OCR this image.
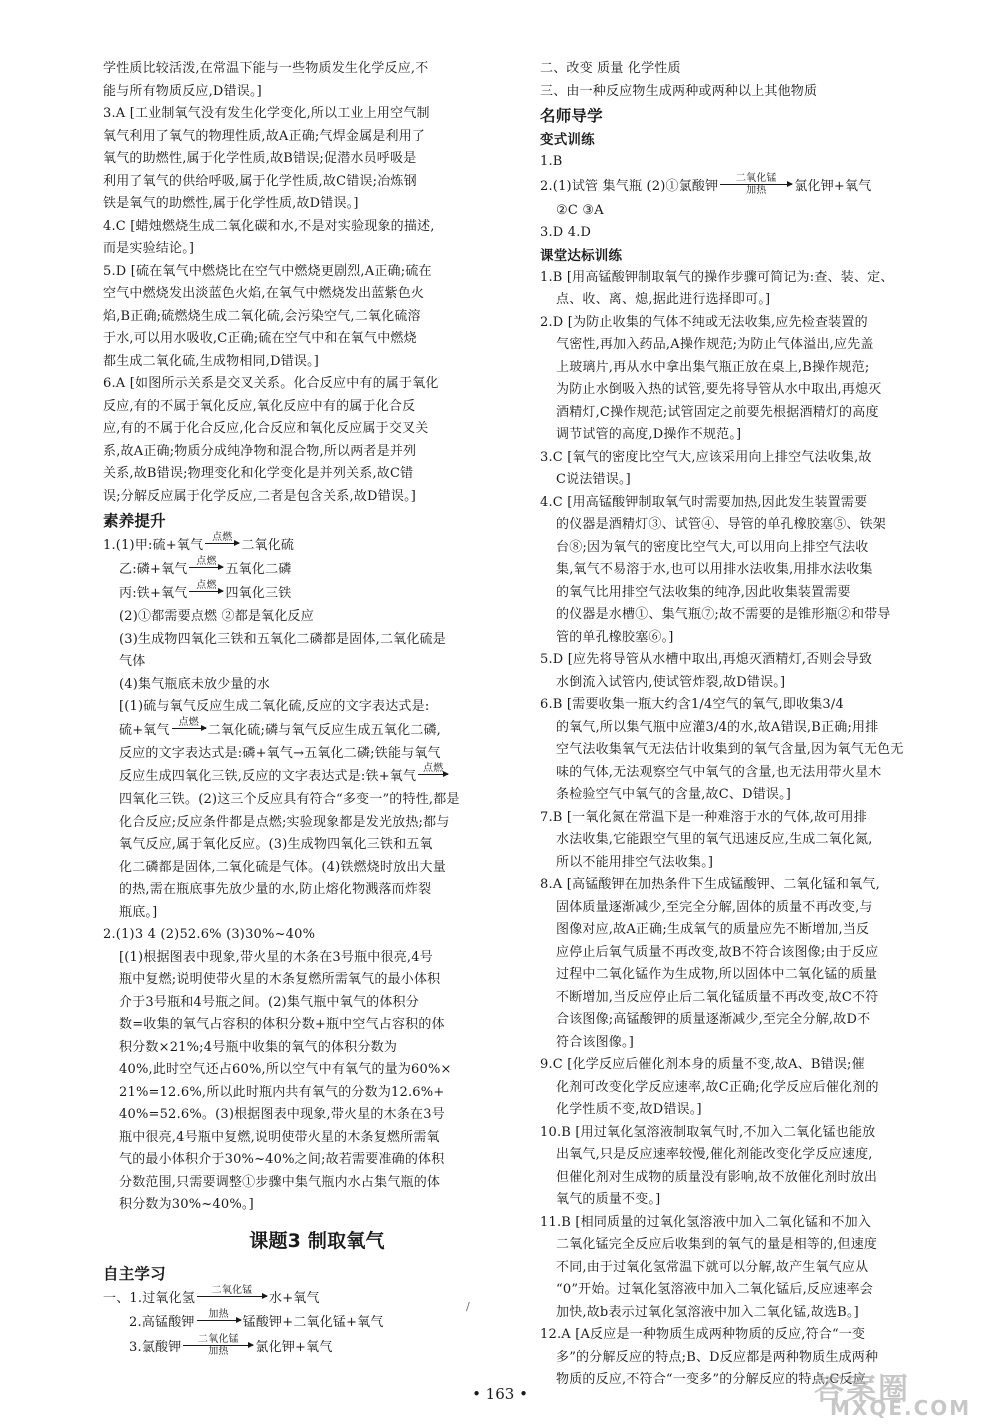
学性质比较活泼,在常温下能与一些物质发生化学反应,不
能与所有物质反应,D错误。]
3.A [工业制氧气没有发生化学变化,所以工业上用空气制
氧气利用了氧气的物理性质,故A正确;气焊金属是利用了
氧气的助燃性,属于化学性质,故B错误;促潜水员呼吸是
利用了氧气的供给呼吸,属于化学性质,故C错误;冶炼钢
铁是氧气的助燃性,属于化学性质,故D错误。]
4.C [蜡烛燃烧生成二氧化碳和水,不是对实验现象的描述,
而是实验结论。]
5.D [硫在氧气中燃烧比在空气中燃烧更剧烈,A正确;硫在
空气中燃烧发出淡蓝色火焰,在氧气中燃烧发出蓝紫色火
焰,B正确;硫燃烧生成二氧化硫,会污染空气,二氧化硫溶
于水,可以用水吸收,C正确;硫在空气中和在氧气中燃烧
都生成二氧化硫,生成物相同,D错误。]
6.A [如图所示关系是交叉关系。化合反应中有的属于氧化
反应,有的不属于氧化反应,氧化反应中有的属于化合反
应,有的不属于化合反应,化合反应和氧化反应属于交叉关
系,故A正确;物质分成纯净物和混合物,所以两者是并列
关系,故B错误;物理变化和化学变化是并列关系,故C错
误;分解反应属于化学反应,二者是包含关系,故D错误。]
素养提升
1.(1)甲:硫+氧气
点燃
二氧化硫
乙:磷+氧气
点燃
五氧化二磷
丙:铁+氧气
点燃
四氧化三铁
(2)①都需要点燃 ②都是氧化反应
(3)生成物四氧化三铁和五氧化二磷都是固体,二氧化硫是
气体
(4)集气瓶底未放少量的水
[(1)硫与氧气反应生成二氧化硫,反应的文字表达式是:
硫+氧气
点燃
二氧化硫;磷与氧气反应生成五氧化二磷,
反应的文字表达式是:磷+氧气→五氧化二磷;铁能与氧气
反应生成四氧化三铁,反应的文字表达式是:铁+氧气
点燃
四氧化三铁。(2)这三个反应具有符合“多变一”的特性,都是
化合反应;反应条件都是点燃;实验现象都是发光放热;都与
氧气反应,属于氧化反应。(3)生成物四氧化三铁和五氧
化二磷都是固体,二氧化硫是气体。(4)铁燃烧时放出大量
的热,需在瓶底事先放少量的水,防止熔化物溅落而炸裂
瓶底。]
2.(1)3 4 (2)52.6% (3)30%~40%
[(1)根据图表中现象,带火星的木条在3号瓶中很亮,4号
瓶中复燃;说明使带火星的木条复燃所需氧气的最小体积
介于3号瓶和4号瓶之间。(2)集气瓶中氧气的体积分
数=收集的氧气占容积的体积分数+瓶中空气占容积的体
积分数×21%;4号瓶中收集的氧气的体积分数为
40%,此时空气还占60%,所以空气中有氧气的量为60%×
21%=12.6%,所以此时瓶内共有氧气的分数为12.6%+
40%=52.6%。(3)根据图表中现象,带火星的木条在3号
瓶中很亮,4号瓶中复燃,说明使带火星的木条复燃所需氧
气的最小体积介于30%~40%之间;故若需要准确的体积
分数范围,只需要调整①步骤中集气瓶内水占集气瓶的体
积分数为30%~40%。]
课题3 制取氧气
自主学习
一、1.过氧化氢
二氧化锰
水+氧气
2.高锰酸钾
加热
锰酸钾+二氧化锰+氧气
3.氯酸钾
二氧化锰
加热 氯化钾+氧气
二、改变 质量 化学性质
三、由一种反应物生成两种或两种以上其他物质
名师导学
变式训练
1.B
2.(1)试管 集气瓶 (2)①氯酸钾
二氧化锰
加热 氯化钾+氧气
②C ③A
3.D 4.D
课堂达标训练
1.B [用高锰酸钾制取氧气的操作步骤可简记为:查、装、定、
点、收、离、熄,据此进行选择即可。]
2.D [为防止收集的气体不纯或无法收集,应先检查装置的
气密性,再加入药品,A操作规范;为防止气体溢出,应先盖
上玻璃片,再从水中拿出集气瓶正放在桌上,B操作规范;
为防止水倒吸入热的试管,要先将导管从水中取出,再熄灭
酒精灯,C操作规范;试管固定之前要先根据酒精灯的高度
调节试管的高度,D操作不规范。]
3.C [氧气的密度比空气大,应该采用向上排空气法收集,故
C说法错误。]
4.C [用高锰酸钾制取氧气时需要加热,因此发生装置需要
的仪器是酒精灯③、试管④、导管的单孔橡胶塞⑤、铁架
台⑧;因为氧气的密度比空气大,可以用向上排空气法收
集,氧气不易溶于水,也可以用排水法收集,用排水法收集
的氧气比用排空气法收集的纯净,因此收集装置需要
的仪器是水槽①、集气瓶⑦;故不需要的是锥形瓶②和带导
管的单孔橡胶塞⑥。]
5.D [应先将导管从水槽中取出,再熄灭酒精灯,否则会导致
水倒流入试管内,使试管炸裂,故D错误。]
6.B [需要收集一瓶大约含1/4空气的氧气,即收集3/4
的氧气,所以集气瓶中应灌3/4的水,故A错误,B正确;用排
空气法收集氧气无法估计收集到的氧气含量,因为氧气无色无
味的气体,无法观察空气中氧气的含量,也无法用带火星木
条检验空气中氧气的含量,故C、D错误。]
7.B [一氧化氮在常温下是一种难溶于水的气体,故可用排
水法收集,它能跟空气里的氧气迅速反应,生成二氧化氮,
所以不能用排空气法收集。]
8.A [高锰酸钾在加热条件下生成锰酸钾、二氧化锰和氧气,
固体质量逐渐减少,至完全分解,固体的质量不再改变,与
图像对应,故A正确;生成氧气的质量应先不断增加,当反
应停止后氧气质量不再改变,故B不符合该图像;由于反应
过程中二氧化锰作为生成物,所以固体中二氧化锰的质量
不断增加,当反应停止后二氧化锰质量不再改变,故C不符
合该图像;高锰酸钾的质量逐渐减少,至完全分解,故D不
符合该图像。]
9.C [化学反应后催化剂本身的质量不变,故A、B错误;催
化剂可改变化学反应速率,故C正确;化学反应后催化剂的
化学性质不变,故D错误。]
10.B [用过氧化氢溶液制取氧气时,不加入二氧化锰也能放
出氧气,只是反应速率较慢,催化剂能改变化学反应速度,
但催化剂对生成物的质量没有影响,故不放催化剂时放出
氧气的质量不变。]
11.B [相同质量的过氧化氢溶液中加入二氧化锰和不加入
二氧化锰完全反应后收集到的氧气的量是相等的,但速度
不同,由于过氧化氢常温下就可以分解,故产生氧气应从
“0”开始。过氧化氢溶液中加入二氧化锰后,反应速率会
加快,故b表示过氧化氢溶液中加入二氧化锰,故选B。]
12.A [A反应是一种物质生成两种物质的反应,符合“一变
多”的分解反应的特点;B、D反应都是两种物质生成两种
物质的反应,不符合“一变多”的分解反应的特点;C反应
• 163 •
/
答案圈
MXQE.COM
